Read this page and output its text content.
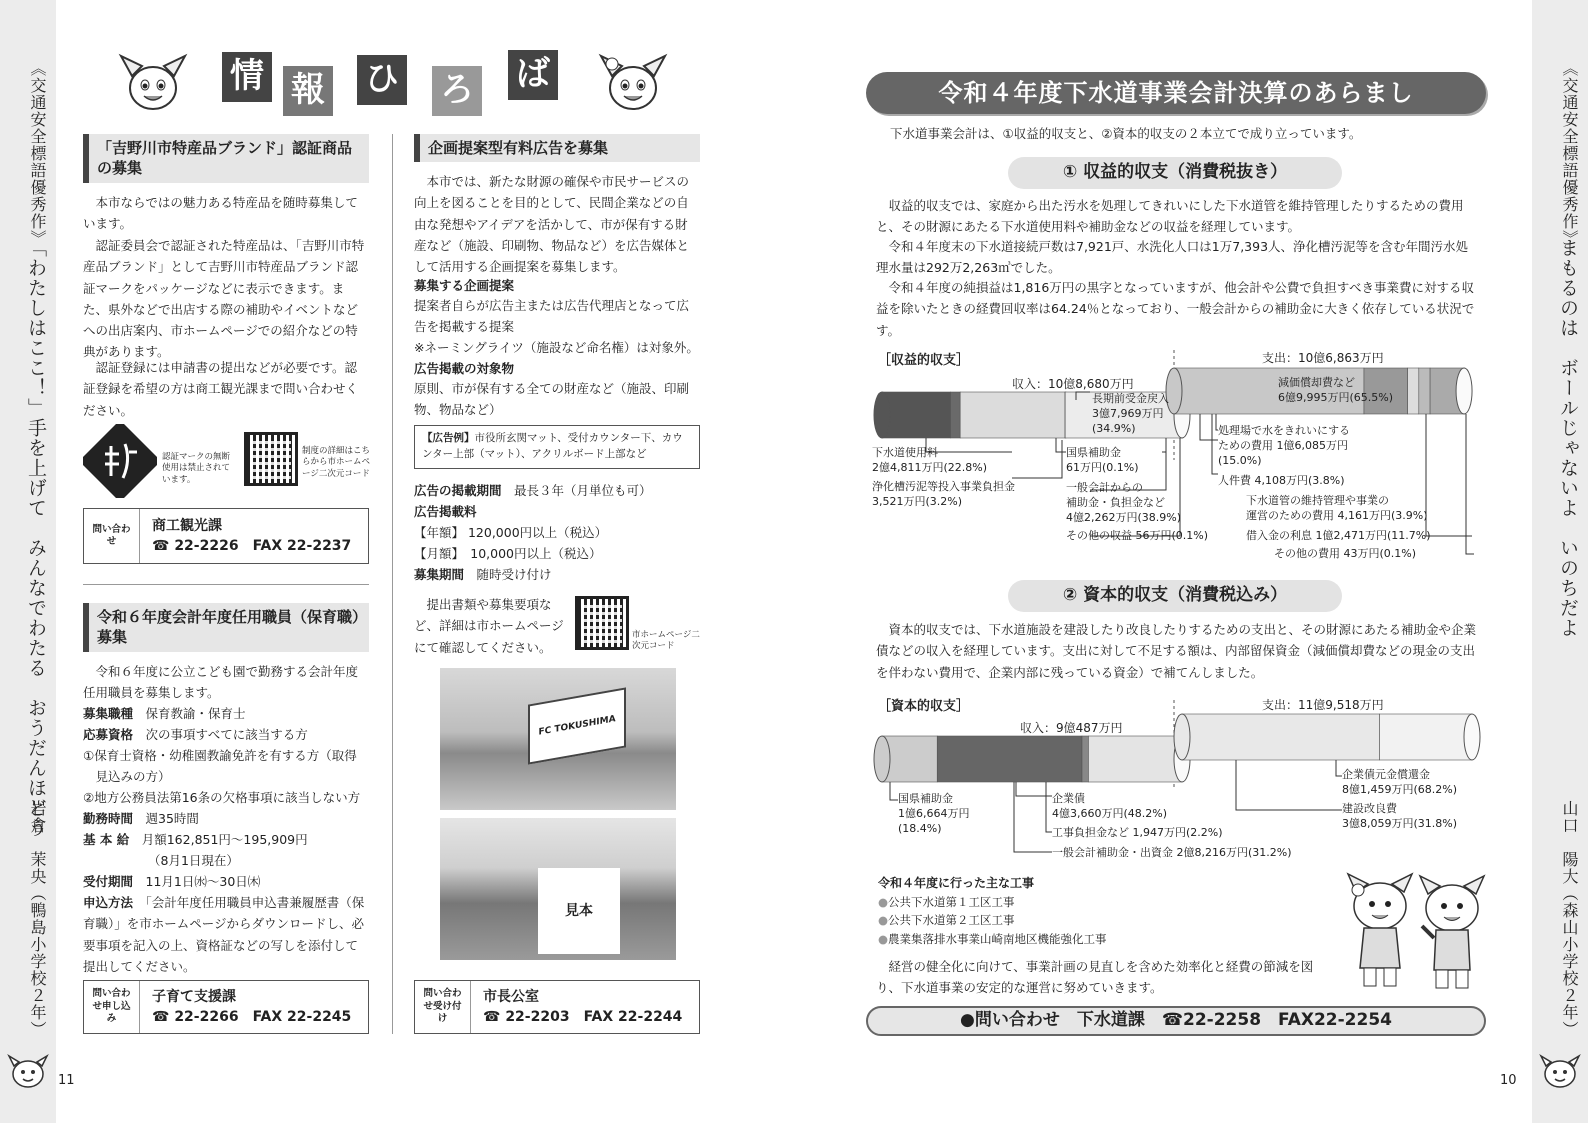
《交通安全標語優秀作》
「わたしはここ！」手を上げて　みんなでわたる　おうだんほどう
岩倉　茉央（鴨島小学校２年）
11
《交通安全標語優秀作》
まもるのは　ボールじゃないよ　いのちだよ
山口　陽大（森山小学校２年）
10
情 報 ひ ろ ば
「吉野川市特産品ブランド」認証商品の募集
本市ならではの魅力ある特産品を随時募集しています。
認証委員会で認証された特産品は、「吉野川市特産品ブランド」として吉野川市特産品ブランド認証マークをパッケージなどに表示できます。また、県外などで出店する際の補助やイベントなどへの出店案内、市ホームページでの紹介などの特典があります。
認証登録には申請書の提出などが必要です。認証登録を希望の方は商工観光課まで問い合わせください。
認証マークの無断使用は禁止されています。
制度の詳細はこちらから市ホームページ二次元コード
問い合わせ
商工観光課
☎ 22-2226　FAX 22-2237
令和６年度会計年度任用職員（保育職）募集
令和６年度に公立こども園で勤務する会計年度任用職員を募集します。
募集職種　 保育教諭・保育士
応募資格　 次の事項すべてに該当する方
①保育士資格・幼稚園教諭免許を有する方（取得見込みの方）
②地方公務員法第16条の欠格事項に該当しない方
勤務時間　 週35時間
基 本 給　 月額162,851円～195,909円
（8月1日現在）
受付期間　 11月1日㈬～30日㈭
申込方法　 「会計年度任用職員申込書兼履歴書（保育職）」を市ホームページからダウンロードし、必要事項を記入の上、資格証などの写しを添付して提出してください。
問い合わせ申し込み
子育て支援課
☎ 22-2266　FAX 22-2245
企画提案型有料広告を募集
本市では、新たな財源の確保や市民サービスの向上を図ることを目的として、民間企業などの自由な発想やアイデアを活かして、市が保有する財産など（施設、印刷物、物品など）を広告媒体として活用する企画提案を募集します。
募集する企画提案
提案者自らが広告主または広告代理店となって広告を掲載する提案
※ネーミングライツ（施設など命名権）は対象外。
広告掲載の対象物
原則、市が保有する全ての財産など（施設、印刷物、物品など）
【広告例】市役所玄関マット、受付カウンター下、カウンター上部（マット）、アクリルボード上部など
広告の掲載期間　 最長３年（月単位も可）
広告掲載料
【年額】 120,000円以上（税込）
【月額】　10,000円以上（税込）
募集期間　 随時受け付け
提出書類や募集要項など、詳細は市ホームページにて確認してください。
市ホームページ二次元コード
FC TOKUSHIMA
見本
問い合わせ受け付け
市長公室
☎ 22-2203　FAX 22-2244
令和４年度下水道事業会計決算のあらまし
下水道事業会計は、①収益的収支と、②資本的収支の２本立てで成り立っています。
① 収益的収支（消費税抜き）
収益的収支では、家庭から出た汚水を処理してきれいにした下水道管を維持管理したりするための費用と、その財源にあたる下水道使用料や補助金などの収益を経理しています。
令和４年度末の下水道接続戸数は7,921戸、水洗化人口は1万7,393人、浄化槽汚泥等を含む年間汚水処理水量は292万2,263㎥でした。
令和４年度の純損益は1,816万円の黒字となっていますが、他会計や公費で負担すべき事業費に対する収益を除いたときの経費回収率は64.24％となっており、一般会計からの補助金に大きく依存している状況です。
［収益的収支］
収入：10億8,680万円
支出：10億6,863万円
下水道使用料
2億4,811万円(22.8%)
浄化槽汚泥等投入事業負担金
3,521万円(3.2%)
長期前受金戻入
3億7,969万円
(34.9%)
国県補助金
61万円(0.1%)
一般会計からの
補助金・負担金など
4億2,262万円(38.9%)
その他の収益 56万円(0.1%)
減価償却費など
6億9,995万円(65.5%)
処理場で水をきれいにする
ための費用 1億6,085万円
(15.0%)
人件費 4,108万円(3.8%)
下水道管の維持管理や事業の
運営のための費用 4,161万円(3.9%)
借入金の利息 1億2,471万円(11.7%)
その他の費用 43万円(0.1%)
② 資本的収支（消費税込み）
資本的収支では、下水道施設を建設したり改良したりするための支出と、その財源にあたる補助金や企業債などの収入を経理しています。支出に対して不足する額は、内部留保資金（減価償却費などの現金の支出を伴わない費用で、企業内部に残っている資金）で補てんしました。
［資本的収支］
収入：9億487万円
支出：11億9,518万円
国県補助金
1億6,664万円
(18.4%)
企業債
4億3,660万円(48.2%)
工事負担金など 1,947万円(2.2%)
一般会計補助金・出資金 2億8,216万円(31.2%)
企業債元金償還金
8億1,459万円(68.2%)
建設改良費
3億8,059万円(31.8%)
令和４年度に行った主な工事
●公共下水道第１工区工事
●公共下水道第２工区工事
●農業集落排水事業山崎南地区機能強化工事
経営の健全化に向けて、事業計画の見直しを含めた効率化と経費の節減を図り、下水道事業の安定的な運営に努めていきます。
●問い合わせ　下水道課　☎22-2258　FAX22-2254
